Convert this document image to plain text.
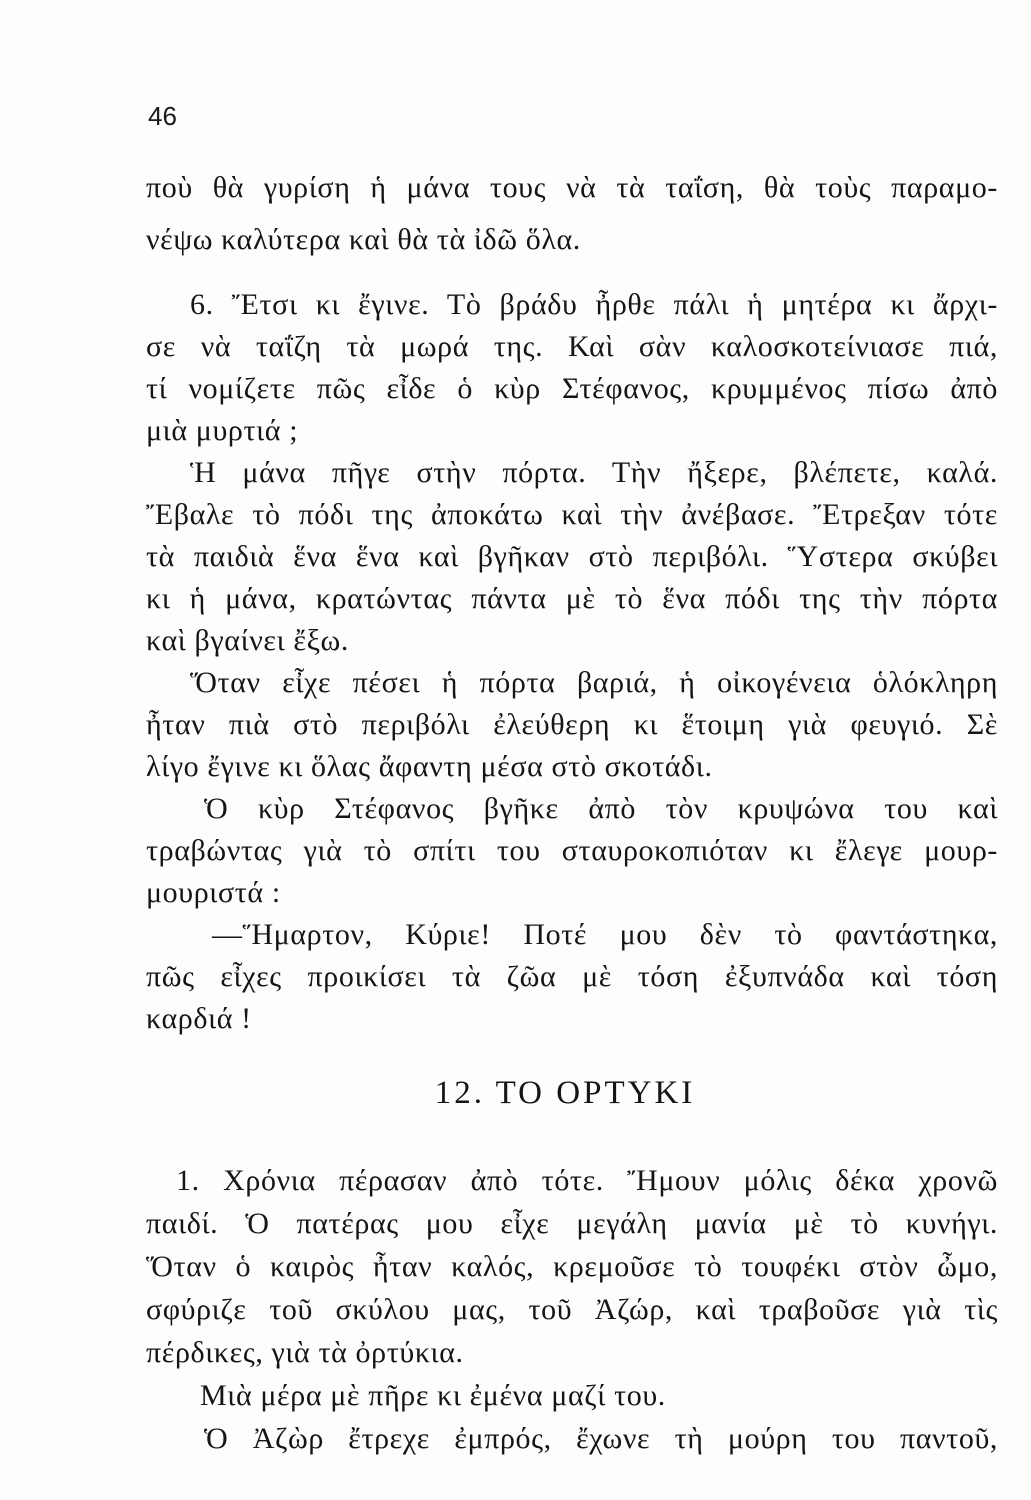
46
ποὺ θὰ γυρίση ἡ μάνα τους νὰ τὰ ταΐση, θὰ τοὺς παραμο-
νέψω καλύτερα καὶ θὰ τὰ ἰδῶ ὅλα.
6. Ἔτσι κι ἔγινε. Τὸ βράδυ ἦρθε πάλι ἡ μητέρα κι ἄρχι-
σε νὰ ταΐζη τὰ μωρά της. Καὶ σὰν καλοσκοτείνιασε πιά,
τί νομίζετε πῶς εἶδε ὁ κὺρ Στέφανος, κρυμμένος πίσω ἀπὸ
μιὰ μυρτιά ;
Ἡ μάνα πῆγε στὴν πόρτα. Τὴν ἤξερε, βλέπετε, καλά.
Ἔβαλε τὸ πόδι της ἀποκάτω καὶ τὴν ἀνέβασε. Ἔτρεξαν τότε
τὰ παιδιὰ ἕνα ἕνα καὶ βγῆκαν στὸ περιβόλι. Ὕστερα σκύβει
κι ἡ μάνα, κρατώντας πάντα μὲ τὸ ἕνα πόδι της τὴν πόρτα
καὶ βγαίνει ἔξω.
Ὅταν εἶχε πέσει ἡ πόρτα βαριά, ἡ οἰκογένεια ὁλόκληρη
ἦταν πιὰ στὸ περιβόλι ἐλεύθερη κι ἕτοιμη γιὰ φευγιό. Σὲ
λίγο ἔγινε κι ὅλας ἄφαντη μέσα στὸ σκοτάδι.
Ὁ κὺρ Στέφανος βγῆκε ἀπὸ τὸν κρυψώνα του καὶ
τραβώντας γιὰ τὸ σπίτι του σταυροκοπιόταν κι ἔλεγε μουρ-
μουριστά :
—Ἥμαρτον, Κύριε! Ποτέ μου δὲν τὸ φαντάστηκα,
πῶς εἶχες προικίσει τὰ ζῶα μὲ τόση ἐξυπνάδα καὶ τόση
καρδιά !
12. ΤΟ ΟΡΤΥΚΙ
1. Χρόνια πέρασαν ἀπὸ τότε. Ἤμουν μόλις δέκα χρονῶ
παιδί. Ὁ πατέρας μου εἶχε μεγάλη μανία μὲ τὸ κυνήγι.
Ὅταν ὁ καιρὸς ἦταν καλός, κρεμοῦσε τὸ τουφέκι στὸν ὦμο,
σφύριζε τοῦ σκύλου μας, τοῦ Ἀζώρ, καὶ τραβοῦσε γιὰ τὶς
πέρδικες, γιὰ τὰ ὀρτύκια.
Μιὰ μέρα μὲ πῆρε κι ἐμένα μαζί του.
Ὁ Ἀζὼρ ἔτρεχε ἐμπρός, ἔχωνε τὴ μούρη του παντοῦ,
